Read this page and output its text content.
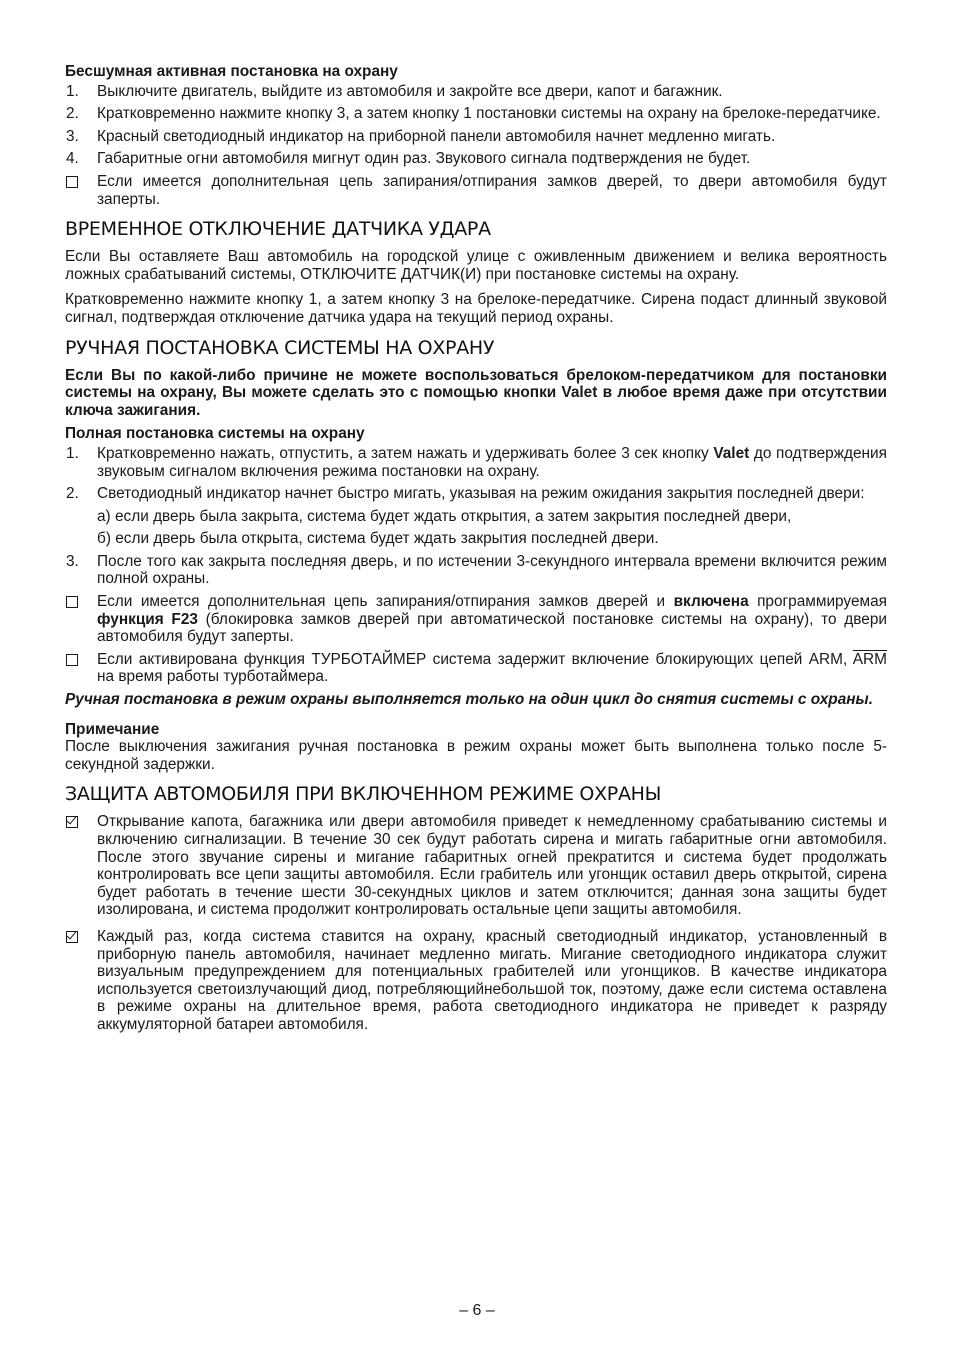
Бесшумная активная постановка на охрану
1. Выключите двигатель, выйдите из автомобиля и закройте все двери, капот и багажник.
2. Кратковременно нажмите кнопку 3, а затем кнопку 1 постановки системы на охрану на брелоке-передатчике.
3. Красный светодиодный индикатор на приборной панели автомобиля начнет медленно мигать.
4. Габаритные огни автомобиля мигнут один раз. Звукового сигнала подтверждения не будет.
Если имеется дополнительная цепь запирания/отпирания замков дверей, то двери автомобиля будут заперты.
ВРЕМЕННОЕ ОТКЛЮЧЕНИЕ ДАТЧИКА УДАРА
Если Вы оставляете Ваш автомобиль на городской улице с оживленным движением и велика вероятность ложных срабатываний системы, ОТКЛЮЧИТЕ ДАТЧИК(И) при постановке системы на охрану.
Кратковременно нажмите кнопку 1, а затем кнопку 3 на брелоке-передатчике. Сирена подаст длинный звуковой сигнал, подтверждая отключение датчика удара на текущий период охраны.
РУЧНАЯ ПОСТАНОВКА СИСТЕМЫ НА ОХРАНУ
Если Вы по какой-либо причине не можете воспользоваться брелоком-передатчиком для постановки системы на охрану, Вы можете сделать это с помощью кнопки Valet в любое время даже при отсутствии ключа зажигания.
Полная постановка системы на охрану
1. Кратковременно нажать, отпустить, а затем нажать и удерживать более 3 сек кнопку Valet до подтверждения звуковым сигналом включения режима постановки на охрану.
2. Светодиодный индикатор начнет быстро мигать, указывая на режим ожидания закрытия последней двери:
а) если дверь была закрыта, система будет ждать открытия, а затем закрытия последней двери,
б) если дверь была открыта, система будет ждать закрытия последней двери.
3. После того как закрыта последняя дверь, и по истечении 3-секундного интервала времени включится режим полной охраны.
Если имеется дополнительная цепь запирания/отпирания замков дверей и включена программируемая функция F23 (блокировка замков дверей при автоматической постановке системы на охрану), то двери автомобиля будут заперты.
Если активирована функция ТУРБОТАЙМЕР система задержит включение блокирующих цепей ARM, $\overline{ARM}$ на время работы турботаймера.
Ручная постановка в режим охраны выполняется только на один цикл до снятия системы с охраны.
Примечание
После выключения зажигания ручная постановка в режим охраны может быть выполнена только после 5-секундной задержки.
ЗАЩИТА АВТОМОБИЛЯ ПРИ ВКЛЮЧЕННОМ РЕЖИМЕ ОХРАНЫ
Открывание капота, багажника или двери автомобиля приведет к немедленному срабатыванию системы и включению сигнализации. В течение 30 сек будут работать сирена и мигать габаритные огни автомобиля. После этого звучание сирены и мигание габаритных огней прекратится и система будет продолжать контролировать все цепи защиты автомобиля. Если грабитель или угонщик оставил дверь открытой, сирена будет работать в течение шести 30-секундных циклов и затем отключится; данная зона защиты будет изолирована, и система продолжит контролировать остальные цепи защиты автомобиля.
Каждый раз, когда система ставится на охрану, красный светодиодный индикатор, установленный в приборную панель автомобиля, начинает медленно мигать. Мигание светодиодного индикатора служит визуальным предупреждением для потенциальных грабителей или угонщиков. В качестве индикатора используется светоизлучающий диод, потребляющийнебольшой ток, поэтому, даже если система оставлена в режиме охраны на длительное время, работа светодиодного индикатора не приведет к разряду аккумуляторной батареи автомобиля.
– 6 –
